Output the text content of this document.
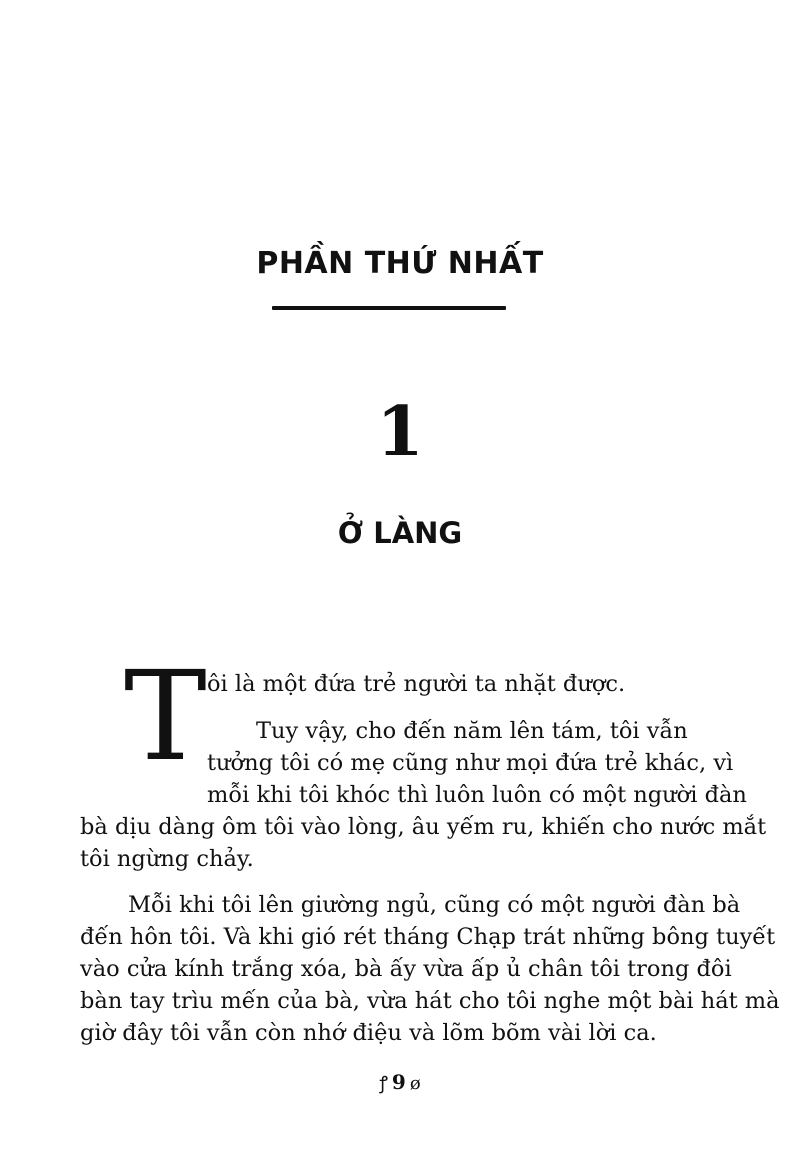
PHẦN THỨ NHẤT
1
Ở LÀNG
T ôi là một đứa trẻ người ta nhặt được.
Tuy vậy, cho đến năm lên tám, tôi vẫn
tưởng tôi có mẹ cũng như mọi đứa trẻ khác, vì
mỗi khi tôi khóc thì luôn luôn có một người đàn
bà dịu dàng ôm tôi vào lòng, âu yếm ru, khiến cho nước mắt
tôi ngừng chảy.
Mỗi khi tôi lên giường ngủ, cũng có một người đàn bà
đến hôn tôi. Và khi gió rét tháng Chạp trát những bông tuyết
vào cửa kính trắng xóa, bà ấy vừa ấp ủ chân tôi trong đôi
bàn tay trìu mến của bà, vừa hát cho tôi nghe một bài hát mà
giờ đây tôi vẫn còn nhớ điệu và lõm bõm vài lời ca.
ꝭ 9 ø
